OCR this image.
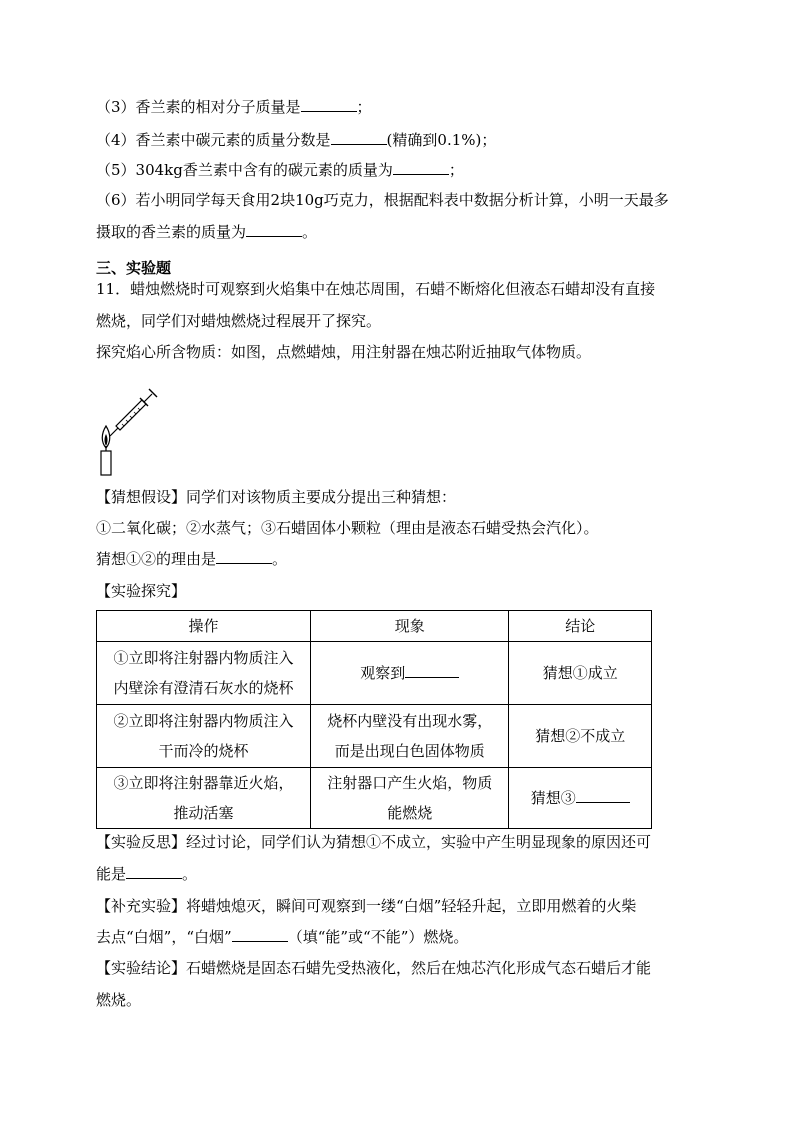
（3）香兰素的相对分子质量是	；
（4）香兰素中碳元素的质量分数是	(精确到0.1%)；
（5）304kg香兰素中含有的碳元素的质量为	；
（6）若小明同学每天食用2块10g巧克力，根据配料表中数据分析计算，小明一天最多
摄取的香兰素的质量为	。
三、实验题
11．蜡烛燃烧时可观察到火焰集中在烛芯周围，石蜡不断熔化但液态石蜡却没有直接
燃烧，同学们对蜡烛燃烧过程展开了探究。
探究焰心所含物质：如图，点燃蜡烛，用注射器在烛芯附近抽取气体物质。
【猜想假设】同学们对该物质主要成分提出三种猜想：
①二氧化碳；②水蒸气；③石蜡固体小颗粒（理由是液态石蜡受热会汽化）。
猜想①②的理由是	。
【实验探究】
操作	现象	结论

①立即将注射器内物质注入
内壁涂有澄清石灰水的烧杯	观察到	猜想①成立

②立即将注射器内物质注入
干而冷的烧杯	烧杯内壁没有出现水雾，
而是出现白色固体物质	猜想②不成立

③立即将注射器靠近火焰，
推动活塞	注射器口产生火焰，物质
能燃烧	猜想③
【实验反思】经过讨论，同学们认为猜想①不成立，实验中产生明显现象的原因还可
能是	。
【补充实验】将蜡烛熄灭，瞬间可观察到一缕“白烟”轻轻升起，立即用燃着的火柴
去点“白烟”，“白烟”	（填“能”或“不能”）燃烧。
【实验结论】石蜡燃烧是固态石蜡先受热液化，然后在烛芯汽化形成气态石蜡后才能
燃烧。
